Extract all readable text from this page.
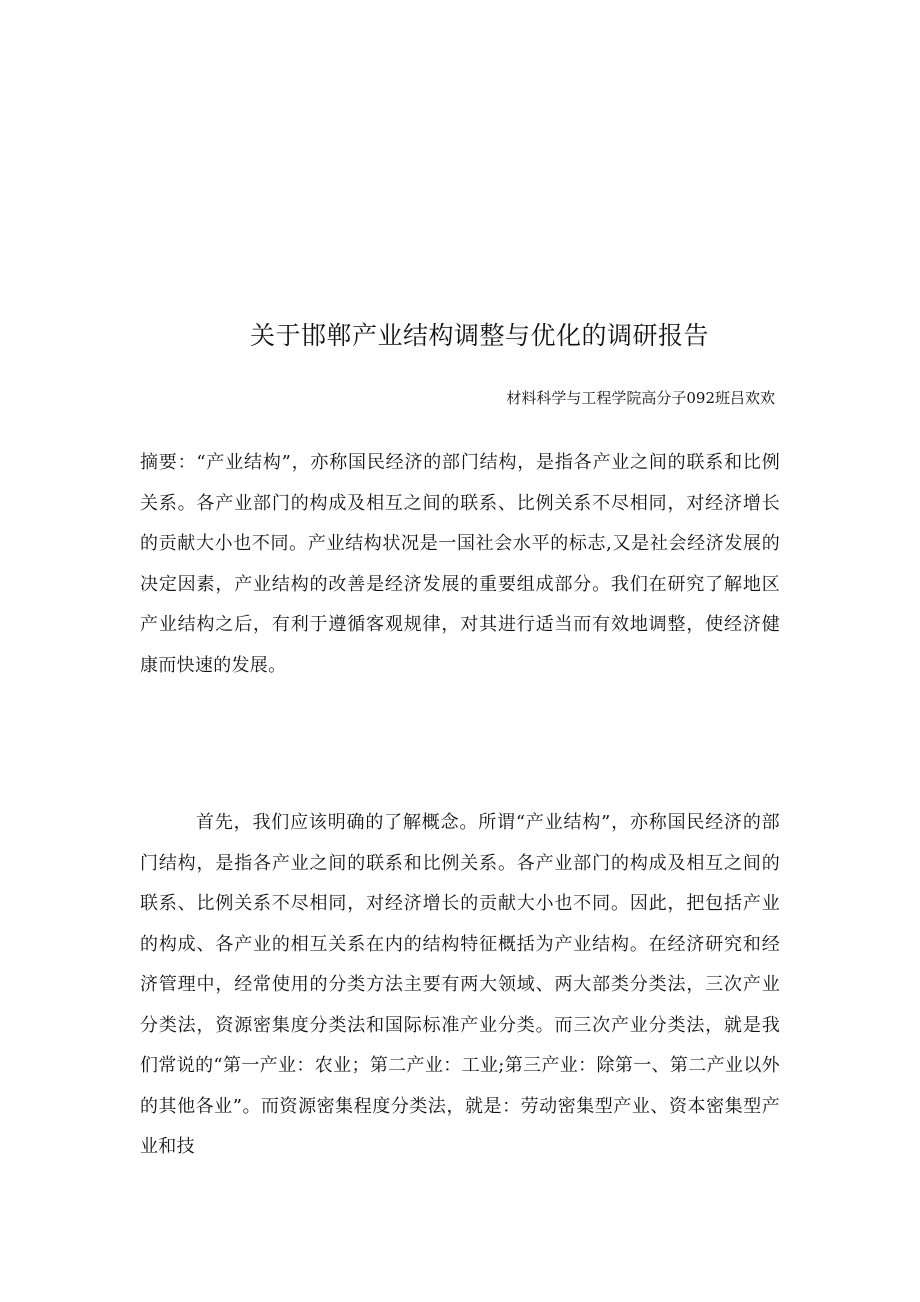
关于邯郸产业结构调整与优化的调研报告
材料科学与工程学院高分子092班吕欢欢
摘要：“产业结构”，亦称国民经济的部门结构，是指各产业之间的联系和比例关系。各产业部门的构成及相互之间的联系、比例关系不尽相同，对经济增长的贡献大小也不同。产业结构状况是一国社会水平的标志,又是社会经济发展的决定因素，产业结构的改善是经济发展的重要组成部分。我们在研究了解地区产业结构之后，有利于遵循客观规律，对其进行适当而有效地调整，使经济健康而快速的发展。
首先，我们应该明确的了解概念。所谓“产业结构”，亦称国民经济的部门结构，是指各产业之间的联系和比例关系。各产业部门的构成及相互之间的联系、比例关系不尽相同，对经济增长的贡献大小也不同。因此，把包括产业的构成、各产业的相互关系在内的结构特征概括为产业结构。在经济研究和经济管理中，经常使用的分类方法主要有两大领域、两大部类分类法，三次产业分类法，资源密集度分类法和国际标准产业分类。而三次产业分类法，就是我们常说的“第一产业：农业；第二产业：工业;第三产业：除第一、第二产业以外的其他各业”。而资源密集程度分类法，就是：劳动密集型产业、资本密集型产业和技
